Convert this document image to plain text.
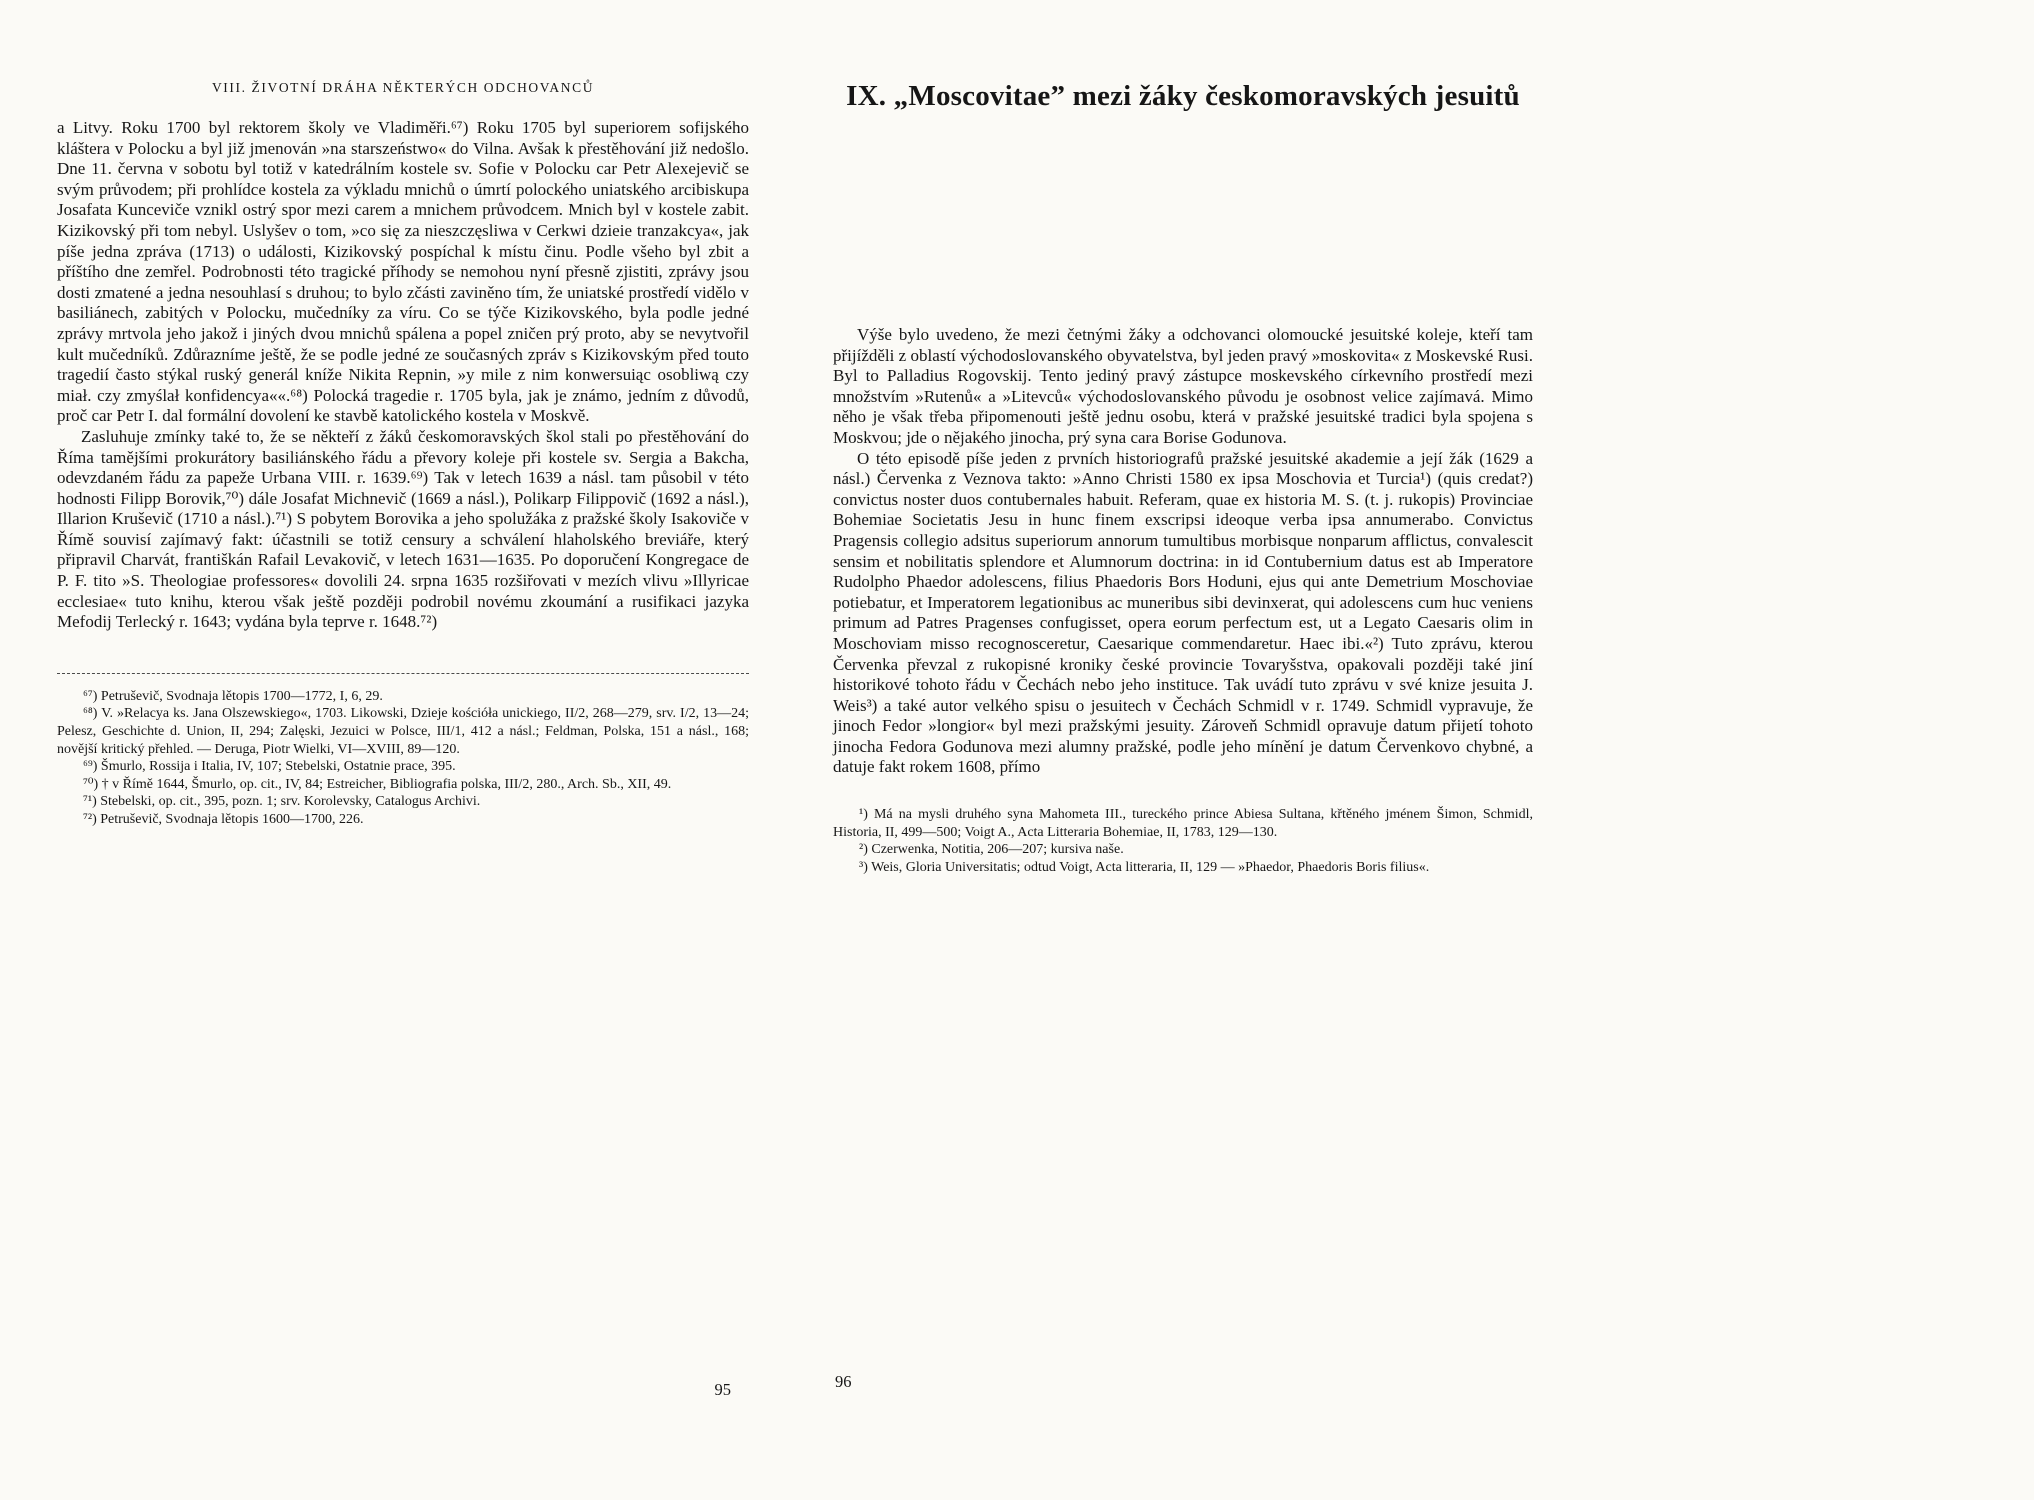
VIII. ŽIVOTNÍ DRÁHA NĚKTERÝCH ODCHOVANCŮ

a Litvy. Roku 1700 byl rektorem školy ve Vladiměři.⁶⁷) Roku 1705 byl superiorem sofijského kláštera v Polocku a byl již jmenován »na starszeństwo« do Vilna. Avšak k přestěhování již nedošlo. Dne 11. června v sobotu byl totiž v katedrálním kostele sv. Sofie v Polocku car Petr Alexejevič se svým průvodem; při prohlídce kostela za výkladu mnichů o úmrtí polockého uniatského arcibiskupa Josafata Kunceviče vznikl ostrý spor mezi carem a mnichem průvodcem. Mnich byl v kostele zabit. Kizikovský při tom nebyl. Uslyšev o tom, »co się za nieszczęsliwa v Cerkwi dzieie tranzakcya«, jak píše jedna zpráva (1713) o události, Kizikovský pospíchal k místu činu. Podle všeho byl zbit a příštího dne zemřel. Podrobnosti této tragické příhody se nemohou nyní přesně zjistiti, zprávy jsou dosti zmatené a jedna nesouhlasí s druhou; to bylo zčásti zaviněno tím, že uniatské prostředí vidělo v basiliánech, zabitých v Polocku, mučedníky za víru. Co se týče Kizikovského, byla podle jedné zprávy mrtvola jeho jakož i jiných dvou mnichů spálena a popel zničen prý proto, aby se nevytvořil kult mučedníků. Zdůrazníme ještě, že se podle jedné ze současných zpráv s Kizikovským před touto tragedií často stýkal ruský generál kníže Nikita Repnin, »y mile z nim konwersuiąc osobliwą czy miał. czy zmyślał konfidencya««.⁶⁸) Polocká tragedie r. 1705 byla, jak je známo, jedním z důvodů, proč car Petr I. dal formální dovolení ke stavbě katolického kostela v Moskvě.

Zasluhuje zmínky také to, že se někteří z žáků českomoravských škol stali po přestěhování do Říma tamějšími prokurátory basiliánského řádu a převory koleje při kostele sv. Sergia a Bakcha, odevzdaném řádu za papeže Urbana VIII. r. 1639.⁶⁹) Tak v letech 1639 a násl. tam působil v této hodnosti Filipp Borovik,⁷⁰) dále Josafat Michnevič (1669 a násl.), Polikarp Filippovič (1692 a násl.), Illarion Kruševič (1710 a násl.).⁷¹) S pobytem Borovika a jeho spolužáka z pražské školy Isakoviče v Římě souvisí zajímavý fakt: účastnili se totiž censury a schválení hlaholského breviáře, který připravil Charvát, františkán Rafail Levakovič, v letech 1631—1635. Po doporučení Kongregace de P. F. tito »S. Theologiae professores« dovolili 24. srpna 1635 rozšiřovati v mezích vlivu »Illyricae ecclesiae« tuto knihu, kterou však ještě později podrobil novému zkoumání a rusifikaci jazyka Mefodij Terlecký r. 1643; vydána byla teprve r. 1648.⁷²)

⁶⁷) Petruševič, Svodnaja lětopis 1700—1772, I, 6, 29.

⁶⁸) V. »Relacya ks. Jana Olszewskiego«, 1703. Likowski, Dzieje kościóła unickiego, II/2, 268—279, srv. I/2, 13—24; Pelesz, Geschichte d. Union, II, 294; Zalęski, Jezuici w Polsce, III/1, 412 a násl.; Feldman, Polska, 151 a násl., 168; novější kritický přehled. — Deruga, Piotr Wielki, VI—XVIII, 89—120.

⁶⁹) Šmurlo, Rossija i Italia, IV, 107; Stebelski, Ostatnie prace, 395.

⁷⁰) † v Římě 1644, Šmurlo, op. cit., IV, 84; Estreicher, Bibliografia polska, III/2, 280., Arch. Sb., XII, 49.

⁷¹) Stebelski, op. cit., 395, pozn. 1; srv. Korolevsky, Catalogus Archivi.

⁷²) Petruševič, Svodnaja lětopis 1600—1700, 226.

95
IX. „Moscovitae” mezi žáky českomoravských jesuitů

Výše bylo uvedeno, že mezi četnými žáky a odchovanci olomoucké jesuitské koleje, kteří tam přijížděli z oblastí východoslovanského obyvatelstva, byl jeden pravý »moskovita« z Moskevské Rusi. Byl to Palladius Rogovskij. Tento jediný pravý zástupce moskevského církevního prostředí mezi množstvím »Rutenů« a »Litevců« východoslovanského původu je osobnost velice zajímavá. Mimo něho je však třeba připomenouti ještě jednu osobu, která v pražské jesuitské tradici byla spojena s Moskvou; jde o nějakého jinocha, prý syna cara Borise Godunova.

O této episodě píše jeden z prvních historiografů pražské jesuitské akademie a její žák (1629 a násl.) Červenka z Veznova takto: »Anno Christi 1580 ex ipsa Moschovia et Turcia¹) (quis credat?) convictus noster duos contubernales habuit. Referam, quae ex historia M. S. (t. j. rukopis) Provinciae Bohemiae Societatis Jesu in hunc finem exscripsi ideoque verba ipsa annumerabo. Convictus Pragensis collegio adsitus superiorum annorum tumultibus morbisque nonparum afflictus, convalescit sensim et nobilitatis splendore et Alumnorum doctrina: in id Contubernium datus est ab Imperatore Rudolpho Phaedor adolescens, filius Phaedoris Bors Hoduni, ejus qui ante Demetrium Moschoviae potiebatur, et Imperatorem legationibus ac muneribus sibi devinxerat, qui adolescens cum huc veniens primum ad Patres Pragenses confugisset, opera eorum perfectum est, ut a Legato Caesaris olim in Moschoviam misso recognosceretur, Caesarique commendaretur. Haec ibi.«²) Tuto zprávu, kterou Červenka převzal z rukopisné kroniky české provincie Tovaryšstva, opakovali později také jiní historikové tohoto řádu v Čechách nebo jeho instituce. Tak uvádí tuto zprávu v své knize jesuita J. Weis³) a také autor velkého spisu o jesuitech v Čechách Schmidl v r. 1749. Schmidl vypravuje, že jinoch Fedor »longior« byl mezi pražskými jesuity. Zároveň Schmidl opravuje datum přijetí tohoto jinocha Fedora Godunova mezi alumny pražské, podle jeho mínění je datum Červenkovo chybné, a datuje fakt rokem 1608, přímo

¹) Má na mysli druhého syna Mahometa III., tureckého prince Abiesa Sultana, křtěného jménem Šimon, Schmidl, Historia, II, 499—500; Voigt A., Acta Litteraria Bohemiae, II, 1783, 129—130.

²) Czerwenka, Notitia, 206—207; kursiva naše.

³) Weis, Gloria Universitatis; odtud Voigt, Acta litteraria, II, 129 — »Phaedor, Phaedoris Boris filius«.

96
